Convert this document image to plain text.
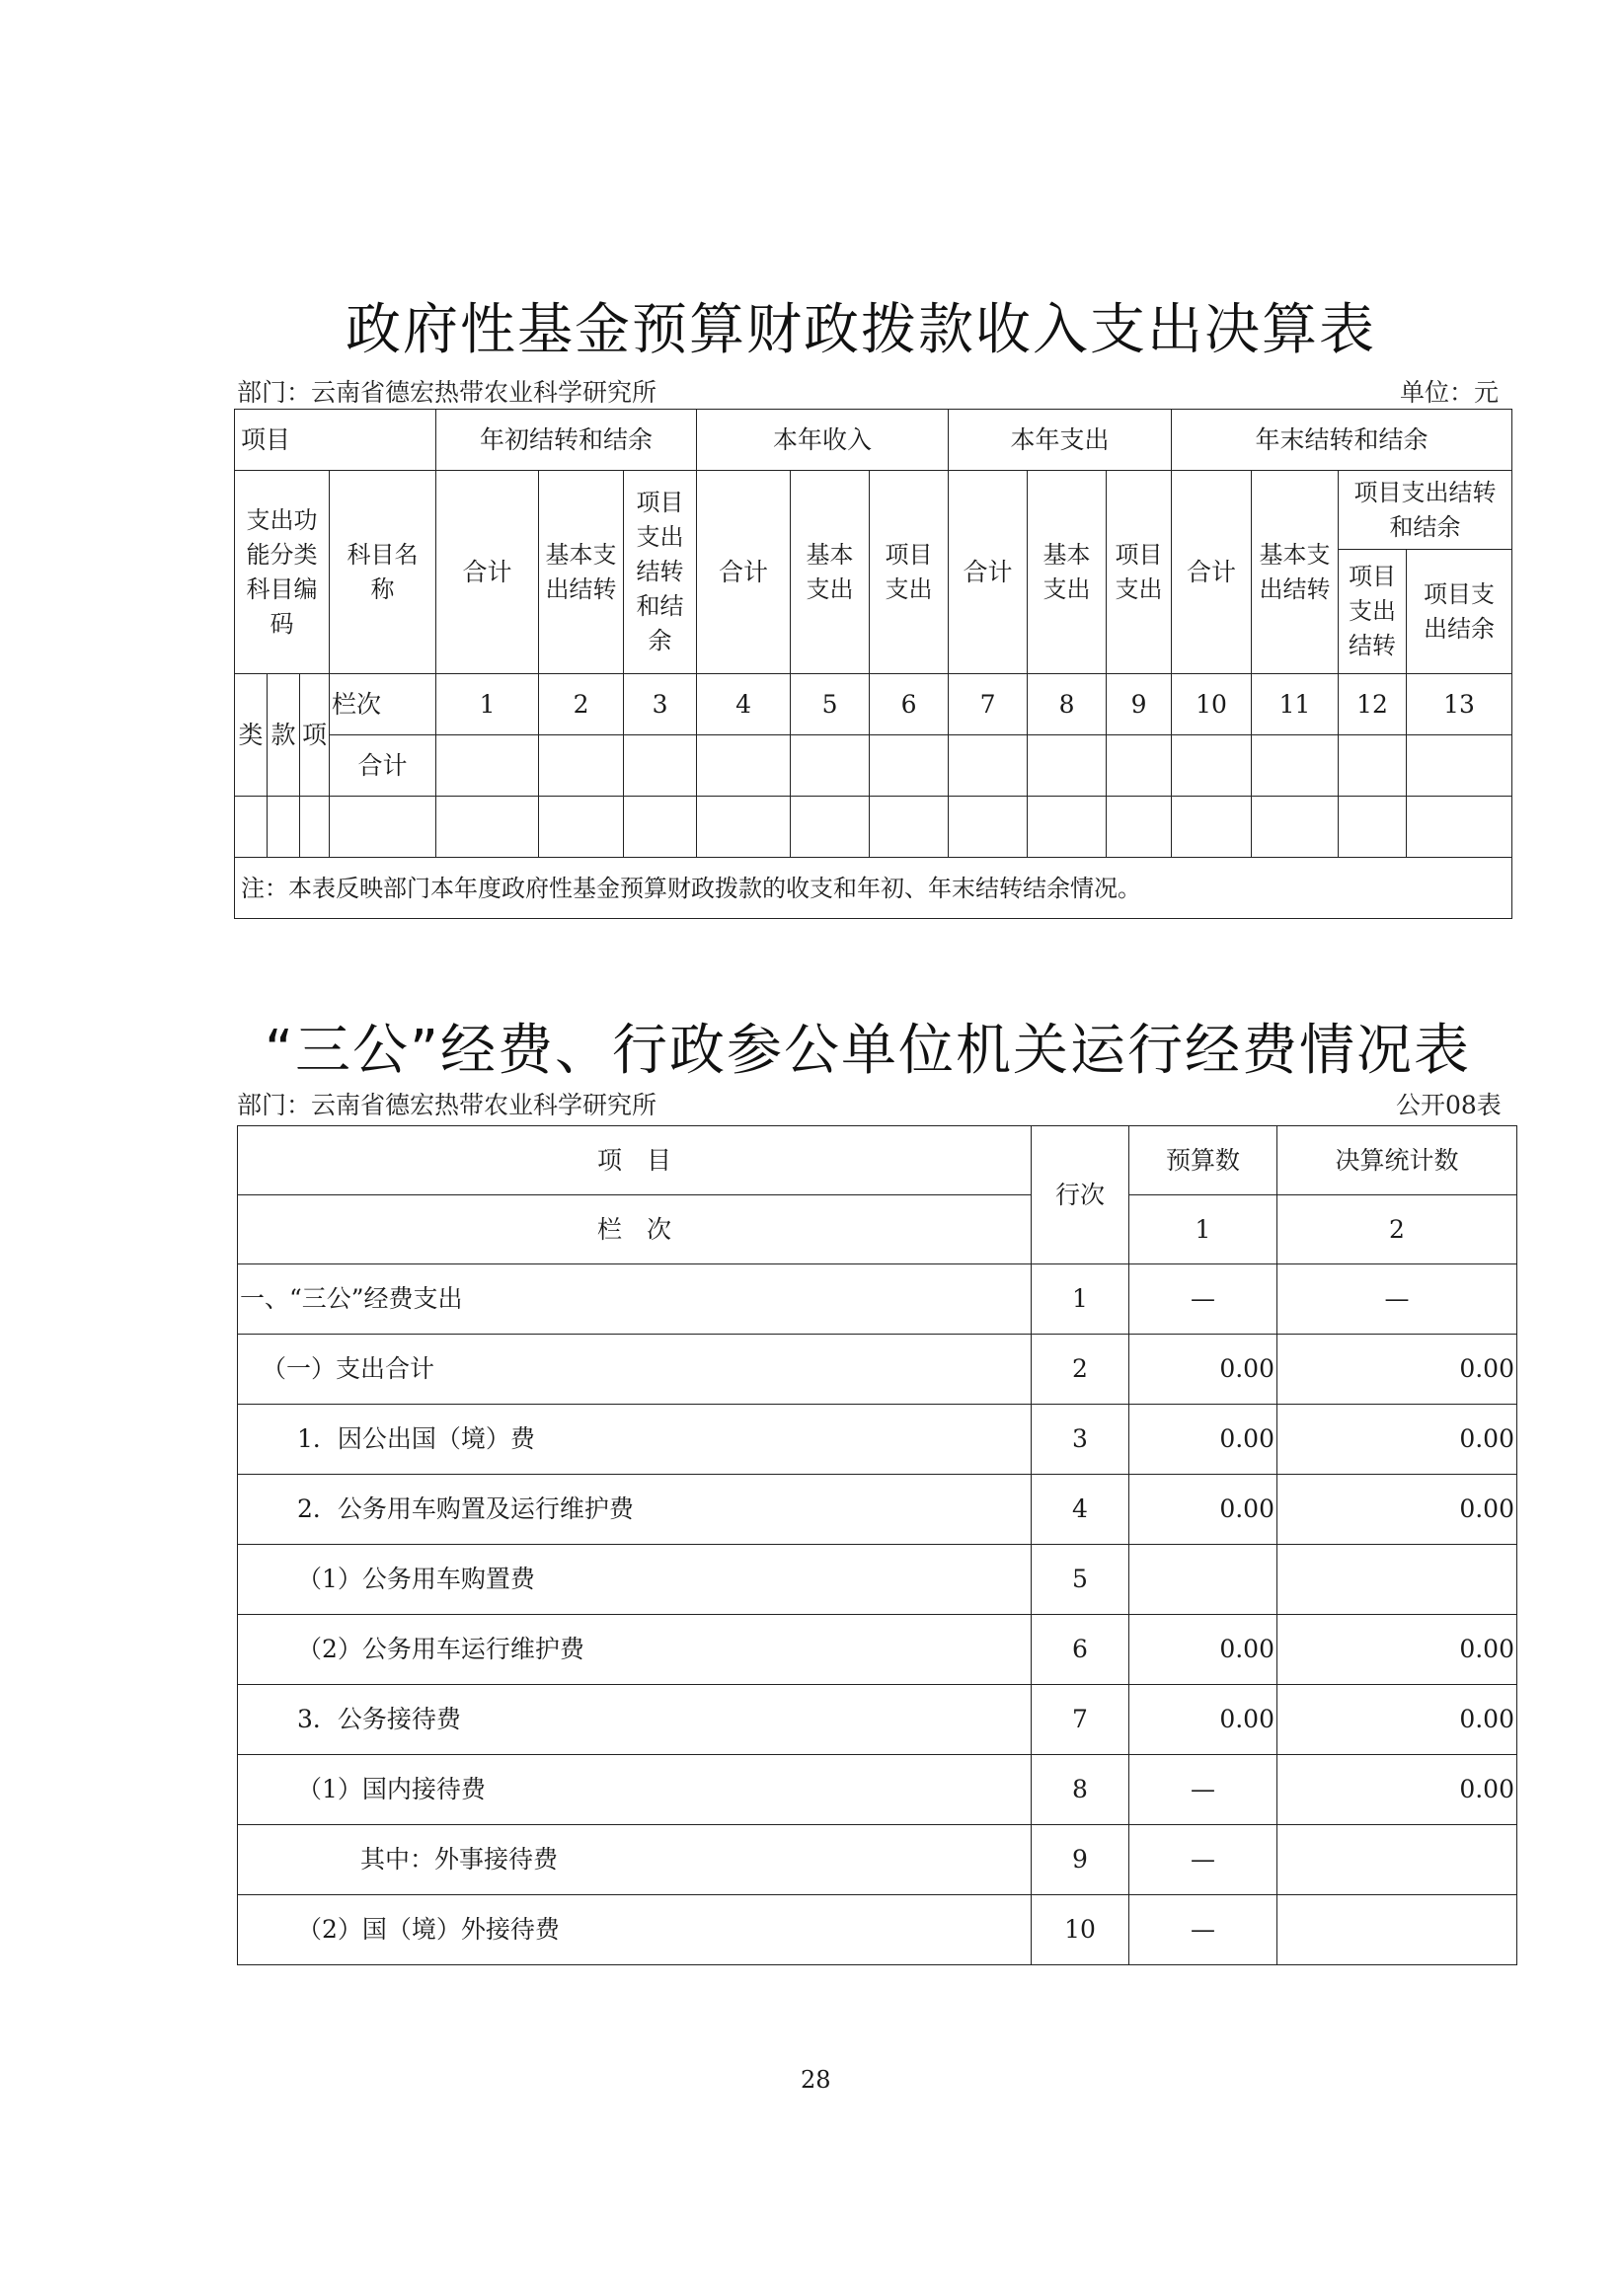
政府性基金预算财政拨款收入支出决算表
部门：云南省德宏热带农业科学研究所	单位：元
项目				年初结转和结余			本年收入			本年支出			年末结转和结余			
支出功能分类科目编码			科目名称	合计	基本支出结转	项目支出结转和结余	合计	基本支出	项目支出	合计	基本支出	项目支出	合计	基本支出结转	项目支出结转和结余	
															项目支出结转	项目支出结余
类	款	项	栏次	1	2	3	4	5	6	7	8	9	10	11	12	13
			合计													

注：本表反映部门本年度政府性基金预算财政拨款的收支和年初、年末结转结余情况。																
“三公”经费、行政参公单位机关运行经费情况表
部门：云南省德宏热带农业科学研究所	公开08表
项　目	行次	预算数	决算统计数
栏　次		1	2
一、“三公”经费支出	1	—	—
（一）支出合计	2	0.00	0.00
1．因公出国（境）费	3	0.00	0.00
2．公务用车购置及运行维护费	4	0.00	0.00
（1）公务用车购置费	5		
（2）公务用车运行维护费	6	0.00	0.00
3．公务接待费	7	0.00	0.00
（1）国内接待费	8	—	0.00
其中：外事接待费	9	—	
（2）国（境）外接待费	10	—	
28
